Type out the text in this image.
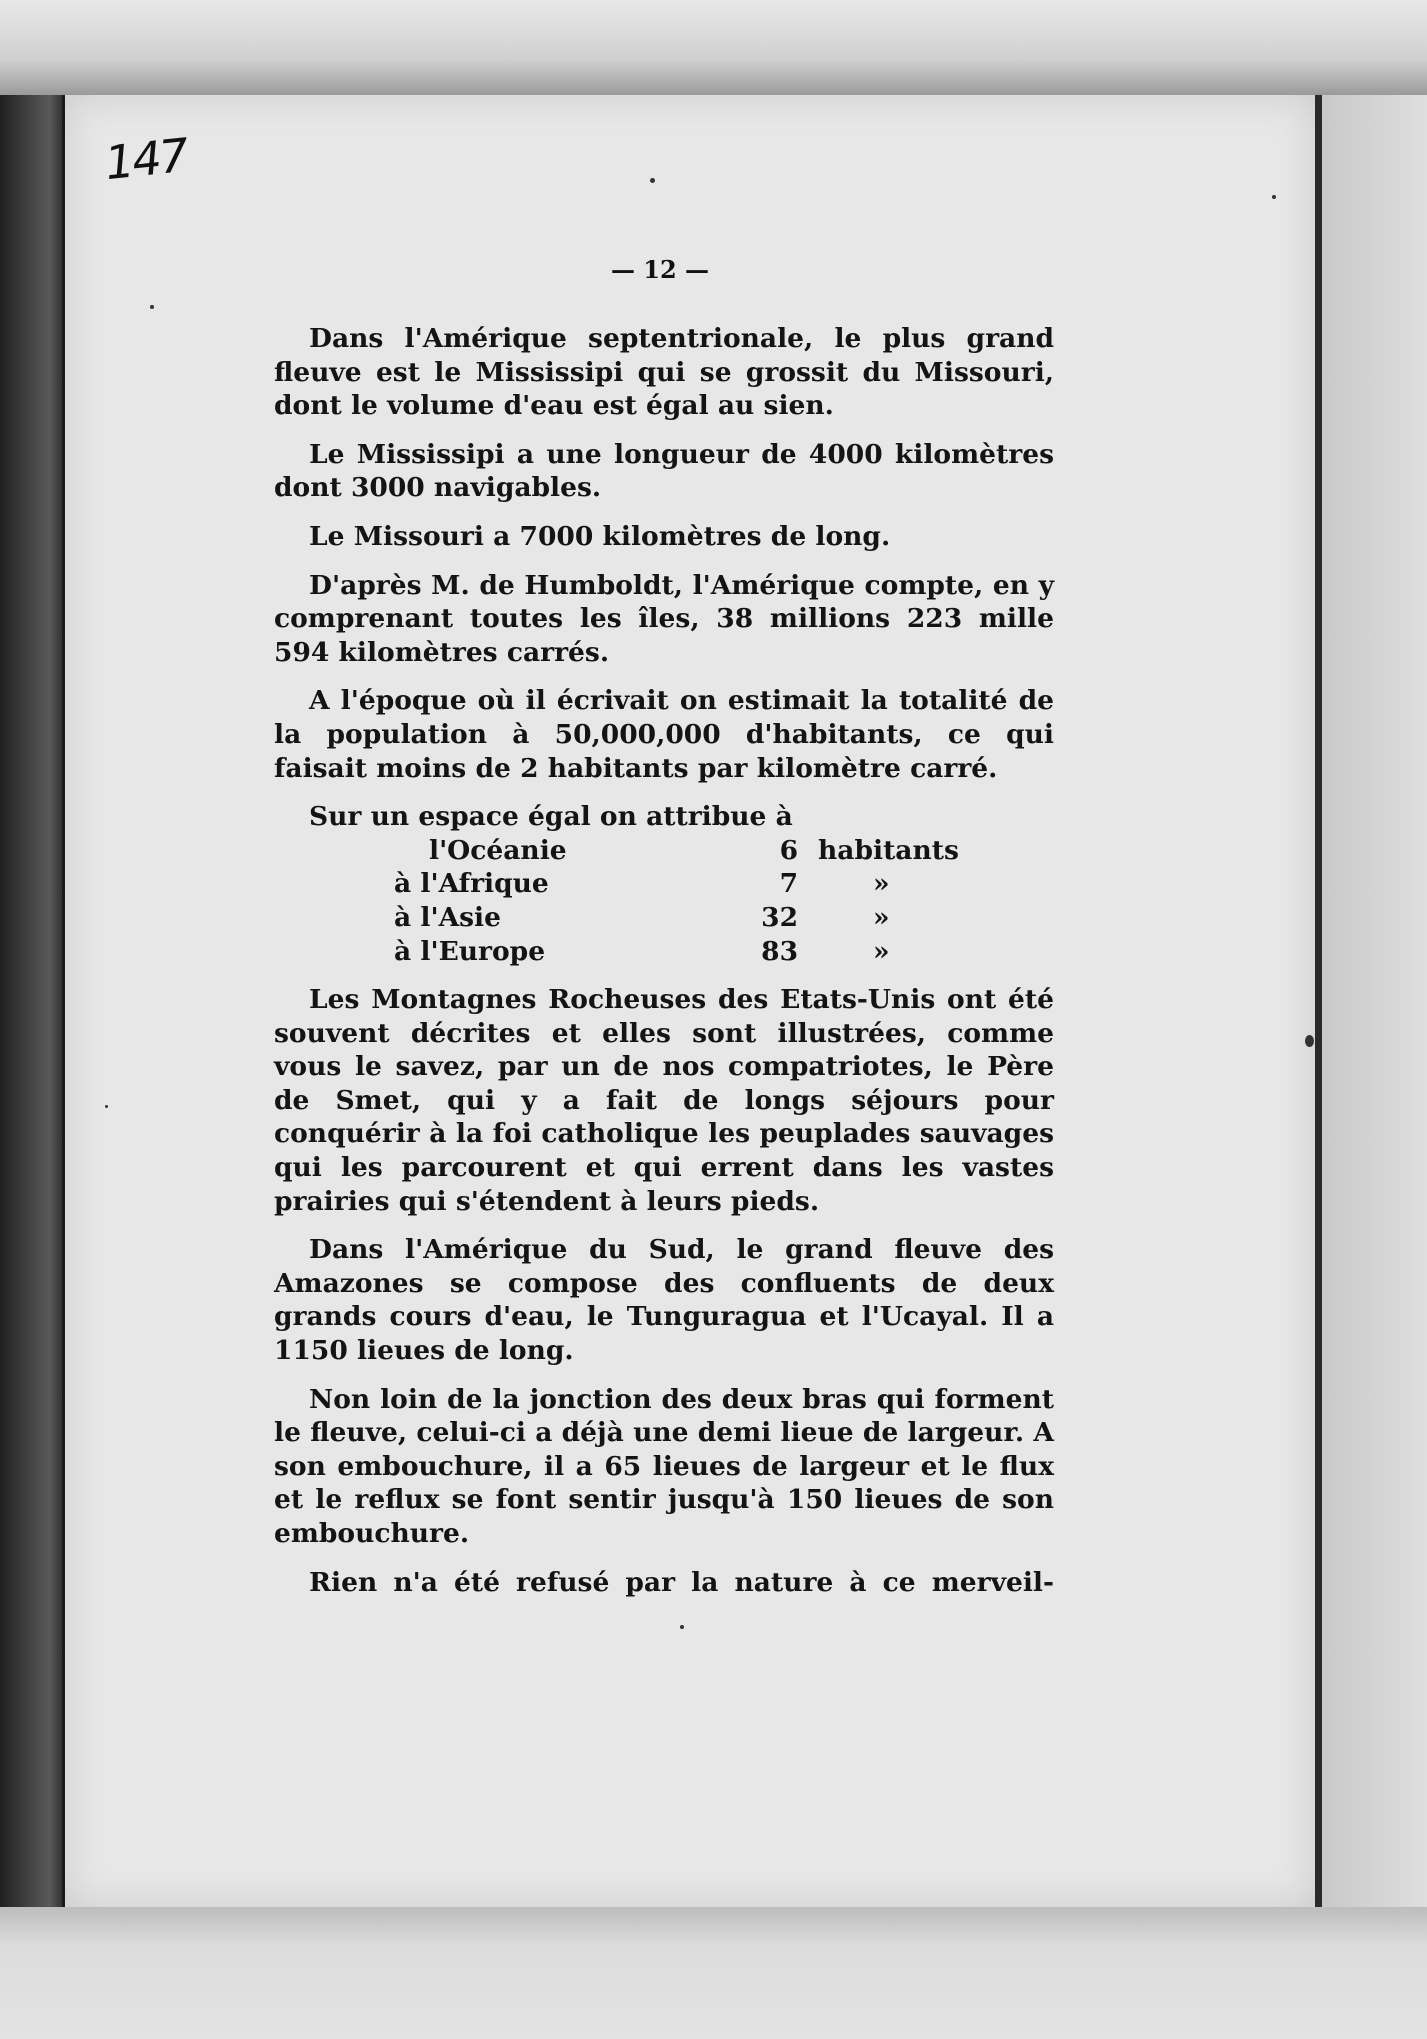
147
— 12 —

Dans l'Amérique septentrionale, le plus grand fleuve est le Mississipi qui se grossit du Missouri, dont le volume d'eau est égal au sien.

Le Mississipi a une longueur de 4000 kilomètres dont 3000 navigables.

Le Missouri a 7000 kilomètres de long.

D'après M. de Humboldt, l'Amérique compte, en y comprenant toutes les îles, 38 millions 223 mille 594 kilomètres carrés.

A l'époque où il écrivait on estimait la totalité de la population à 50,000,000 d'habitants, ce qui faisait moins de 2 habitants par kilomètre carré.

Sur un espace égal on attribue à

l'Océanie	6	habitants
à l'Afrique	7	»
à l'Asie	32	»
à l'Europe	83	»

Les Montagnes Rocheuses des Etats-Unis ont été souvent décrites et elles sont illustrées, comme vous le savez, par un de nos compatriotes, le Père de Smet, qui y a fait de longs séjours pour conquérir à la foi catholique les peuplades sauvages qui les parcourent et qui errent dans les vastes prairies qui s'étendent à leurs pieds.

Dans l'Amérique du Sud, le grand fleuve des Amazones se compose des confluents de deux grands cours d'eau, le Tunguragua et l'Ucayal. Il a 1150 lieues de long.

Non loin de la jonction des deux bras qui forment le fleuve, celui-ci a déjà une demi lieue de largeur. A son embouchure, il a 65 lieues de largeur et le flux et le reflux se font sentir jusqu'à 150 lieues de son embouchure.

Rien n'a été refusé par la nature à ce merveil-
